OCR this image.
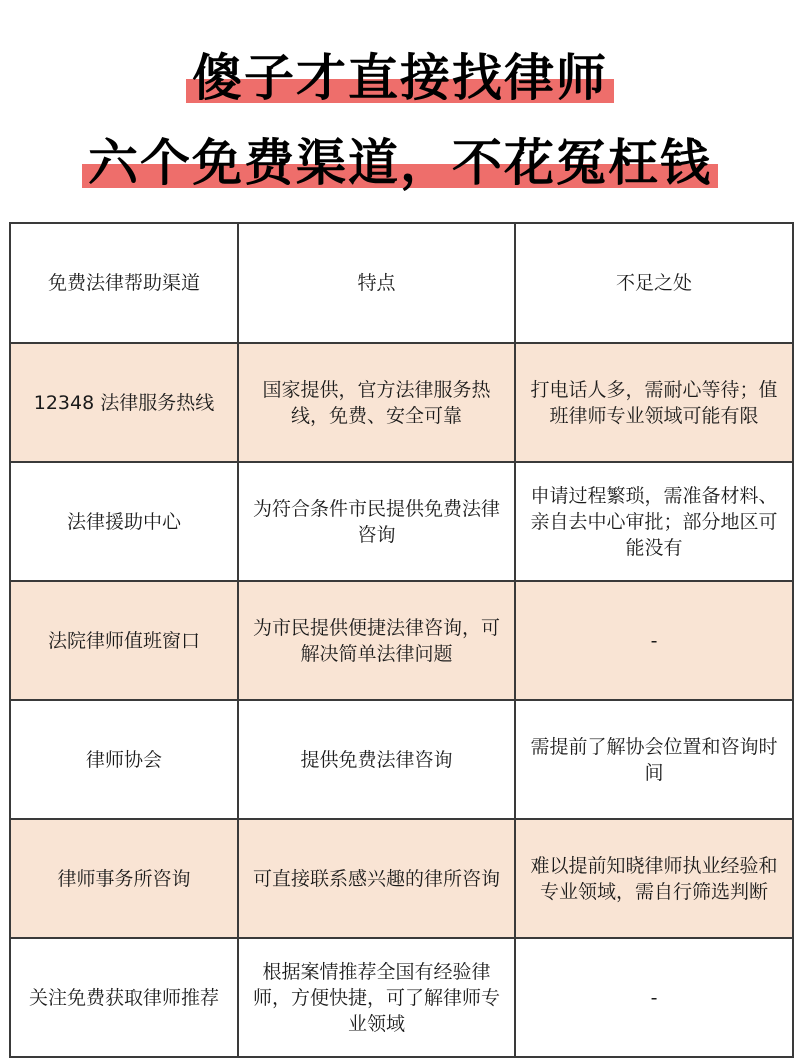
傻子才直接找律师
六个免费渠道，不花冤枉钱
免费法律帮助渠道	特点	不足之处
12348 法律服务热线	国家提供，官方法律服务热线，免费、安全可靠	打电话人多，需耐心等待；值班律师专业领域可能有限
法律援助中心	为符合条件市民提供免费法律咨询	申请过程繁琐，需准备材料、亲自去中心审批；部分地区可能没有
法院律师值班窗口	为市民提供便捷法律咨询，可解决简单法律问题	-
律师协会	提供免费法律咨询	需提前了解协会位置和咨询时间
律师事务所咨询	可直接联系感兴趣的律所咨询	难以提前知晓律师执业经验和专业领域，需自行筛选判断
关注免费获取律师推荐	根据案情推荐全国有经验律师，方便快捷，可了解律师专业领域	-
